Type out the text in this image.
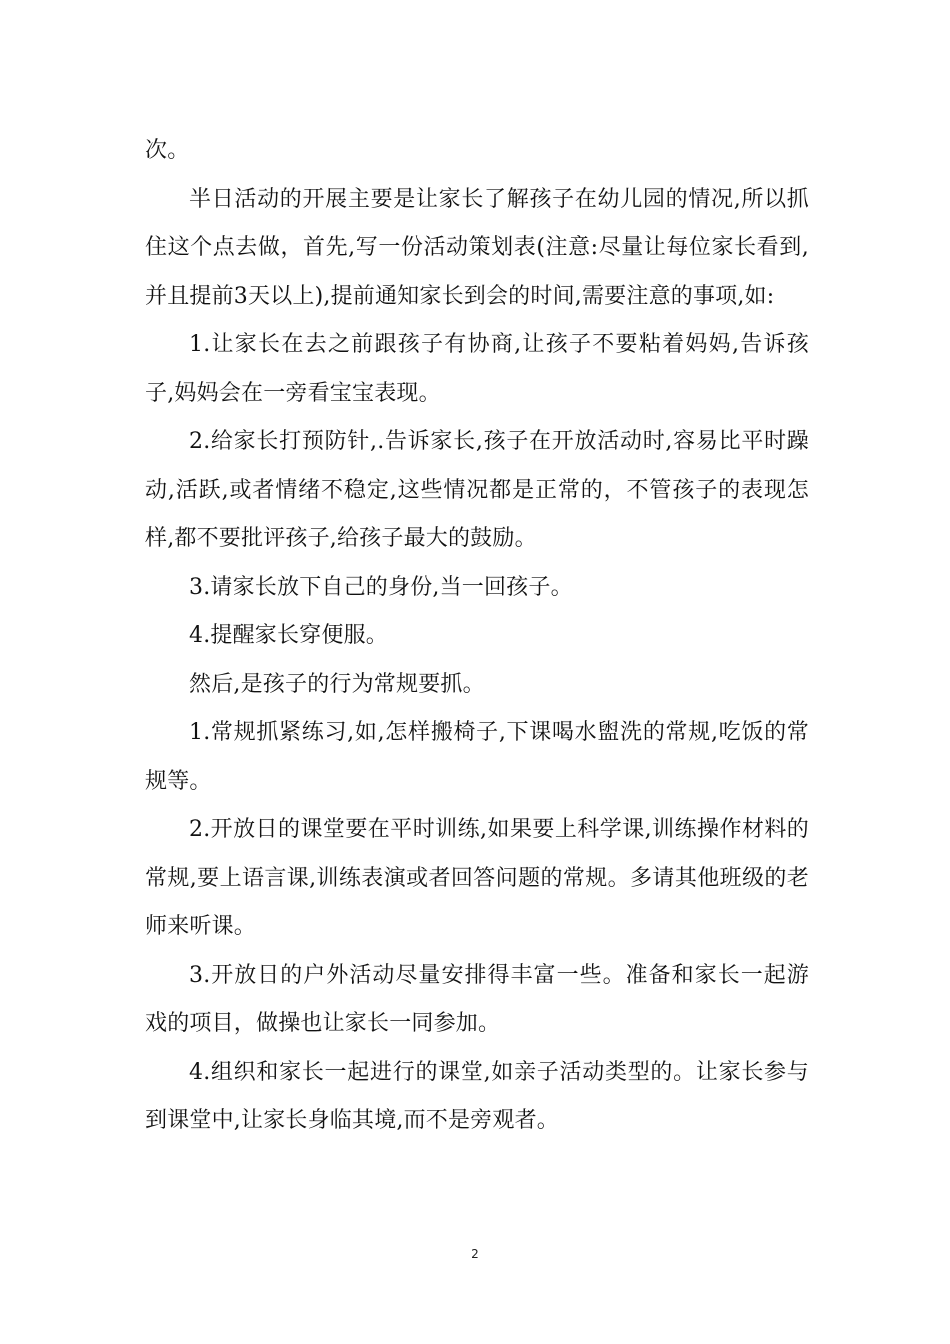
次。

半日活动的开展主要是让家长了解孩子在幼儿园的情况,所以抓住这个点去做，首先,写一份活动策划表(注意:尽量让每位家长看到,并且提前3天以上),提前通知家长到会的时间,需要注意的事项,如:

1.让家长在去之前跟孩子有协商,让孩子不要粘着妈妈,告诉孩子,妈妈会在一旁看宝宝表现。

2.给家长打预防针,.告诉家长,孩子在开放活动时,容易比平时躁动,活跃,或者情绪不稳定,这些情况都是正常的，不管孩子的表现怎样,都不要批评孩子,给孩子最大的鼓励。

3.请家长放下自己的身份,当一回孩子。

4.提醒家长穿便服。

然后,是孩子的行为常规要抓。

1.常规抓紧练习,如,怎样搬椅子,下课喝水盥洗的常规,吃饭的常规等。

2.开放日的课堂要在平时训练,如果要上科学课,训练操作材料的常规,要上语言课,训练表演或者回答问题的常规。多请其他班级的老师来听课。

3.开放日的户外活动尽量安排得丰富一些。准备和家长一起游戏的项目，做操也让家长一同参加。

4.组织和家长一起进行的课堂,如亲子活动类型的。让家长参与到课堂中,让家长身临其境,而不是旁观者。

2
